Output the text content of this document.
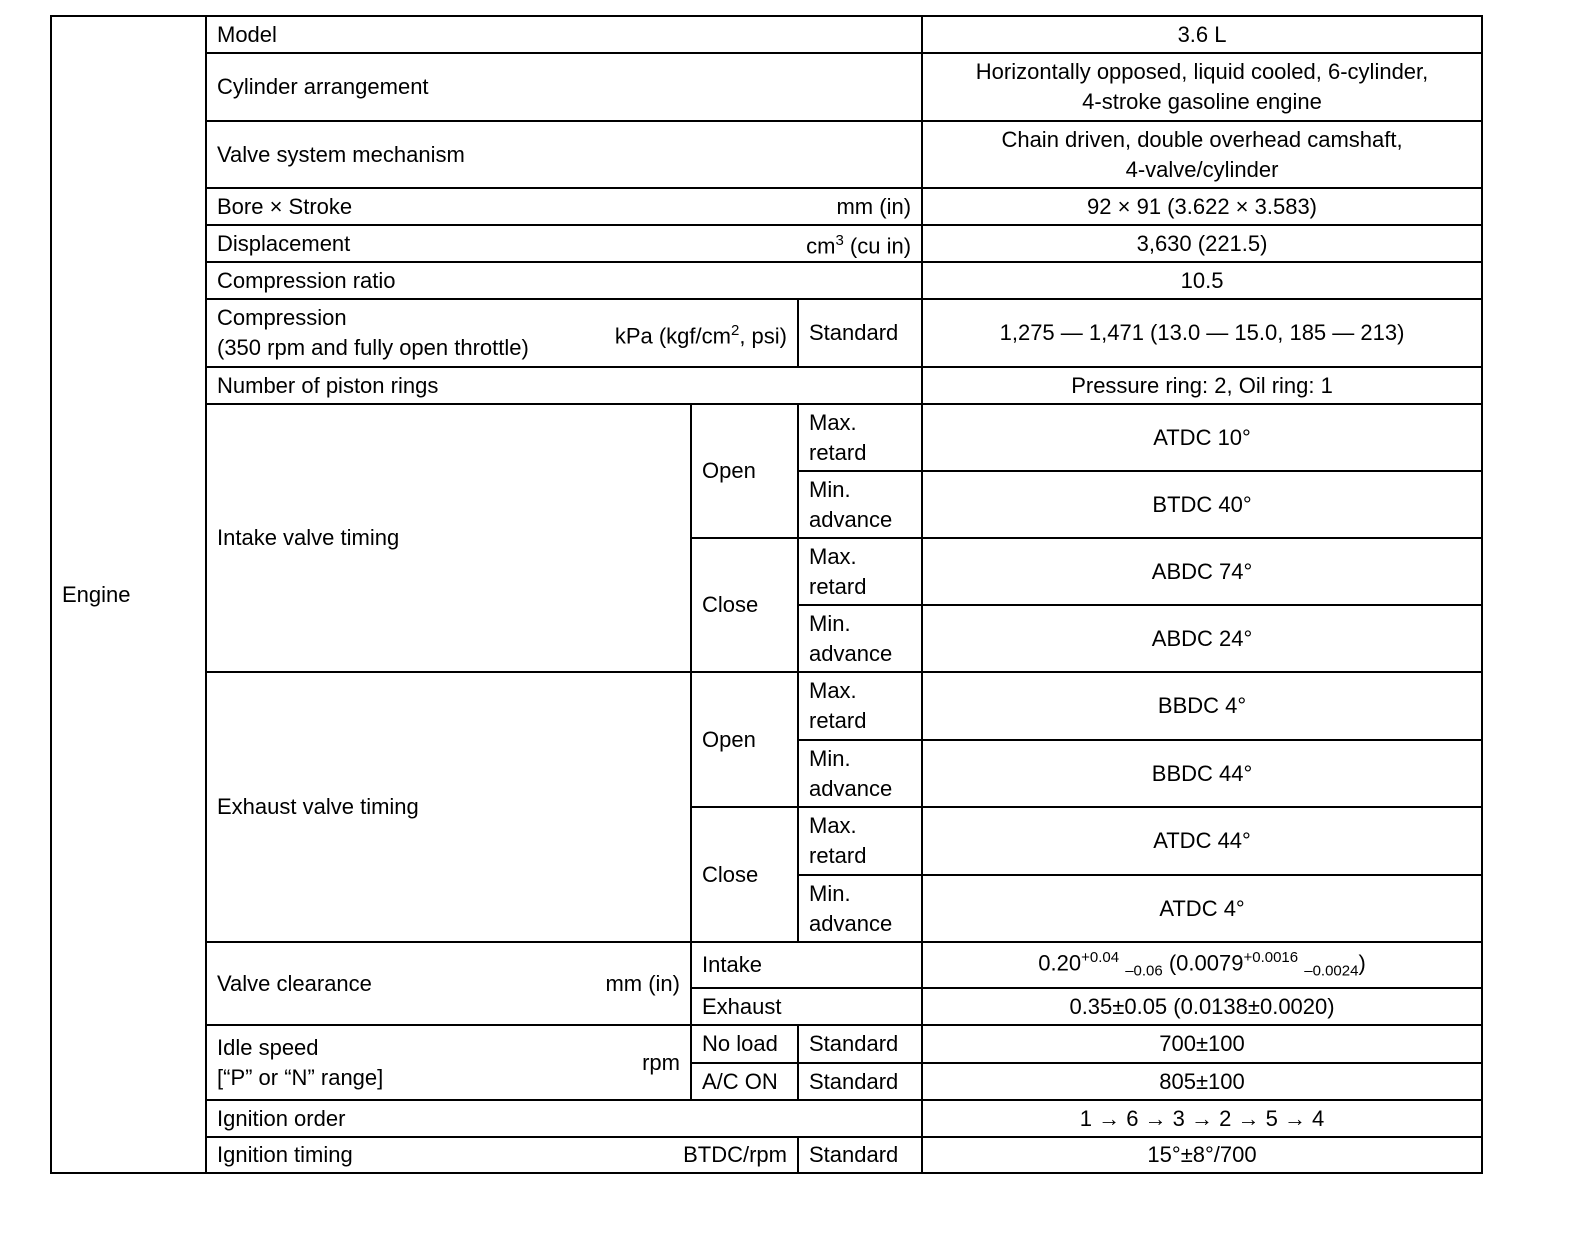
Engine	Model			3.6 L
	Cylinder arrangement			Horizontally opposed, liquid cooled, 6-cylinder,
4-stroke gasoline engine
	Valve system mechanism			Chain driven, double overhead camshaft,
4-valve/cylinder

	Bore × Stroke mm (in)			92 × 91 (3.622 × 3.583)

	Displacement $cm^3$ (cu in)			3,630 (221.5)
	Compression ratio			10.5

	Compression
(350 rpm and fully open throttle) kPa ($kgf/cm^2$, psi)		Standard	1,275 — 1,471 (13.0 — 15.0, 185 — 213)
	Number of piston rings			Pressure ring: 2, Oil ring: 1
	Intake valve timing	Open	Max.
retard	ATDC 10°
			Min.
advance	BTDC 40°
		Close	Max.
retard	ABDC 74°
			Min.
advance	ABDC 24°
	Exhaust valve timing	Open	Max.
retard	BBDC 4°
			Min.
advance	BBDC 44°
		Close	Max.
retard	ATDC 44°
			Min.
advance	ATDC 4°

	Valve clearance mm (in)	Intake		$0.20^{+0.04}$ $_{-0.06}$ ($0.0079^{+0.0016}$ $_{-0.0024}$)
		Exhaust		0.35±0.05 (0.0138±0.0020)

	Idle speed
[“P” or “N” range]
rpm	No load	Standard	700±100
		A/C ON	Standard	805±100
	Ignition order			1 → 6 → 3 → 2 → 5 → 4

	Ignition timing BTDC/rpm		Standard	15°±8°/700
